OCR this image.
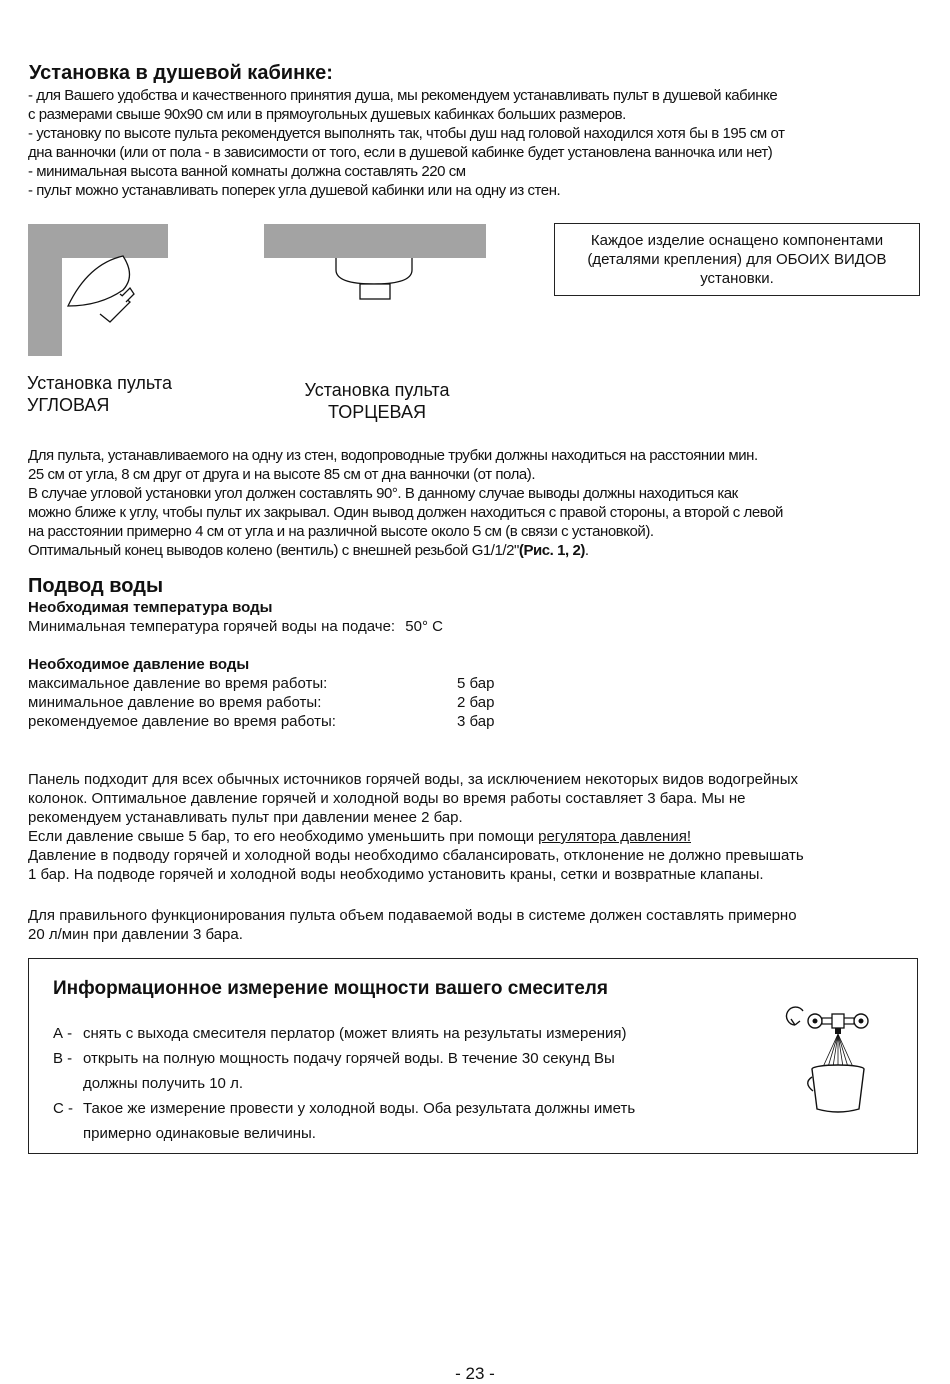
Установка в душевой кабинке:
- для Вашего удобства и качественного принятия душа, мы рекомендуем устанавливать пульт в душевой кабинке
с размерами свыше 90х90 см или в прямоугольных душевых кабинках больших размеров.
- установку по высоте пульта рекомендуется выполнять так, чтобы душ над головой находился хотя бы в 195 см от
дна ванночки (или от пола - в зависимости от того, если в душевой кабинке будет установлена ванночка или нет)
- минимальная высота ванной комнаты должна составлять 220 см
- пульт можно устанавливать поперек угла душевой кабинки или на одну из стен.
Установка пульта
УГЛОВАЯ
Установка пульта
ТОРЦЕВАЯ
Каждое изделие оснащено компонентами
(деталями крепления) для ОБОИХ ВИДОВ
установки.
Для пульта, устанавливаемого на одну из стен, водопроводные трубки должны находиться на расстоянии мин.
25 см от угла, 8 см друг от друга и на высоте 85 см от дна ванночки (от пола).
В случае угловой установки угол должен составлять 90°. В данному случае выводы должны находиться как
можно ближе к углу, чтобы пульт их закрывал. Один вывод должен находиться с правой стороны, а второй с левой
на расстоянии примерно 4 см от угла и на различной высоте около 5 см (в связи с установкой).
Оптимальный конец выводов колено (вентиль) с внешней резьбой G1/1/2"(Рис. 1, 2).
Подвод воды
Необходимая температура воды
Минимальная температура горячей воды на подаче: 50° C
Необходимое давление воды
максимальное давление во время работы:	5 бар
минимальное давление во время работы:	2 бар
рекомендуемое давление во время работы:	3 бар
Панель подходит для всех обычных источников горячей воды, за исключением некоторых видов водогрейных
колонок. Оптимальное давление горячей и холодной воды во время работы составляет 3 бара. Мы не
рекомендуем устанавливать пульт при давлении менее 2 бар.
Если давление свыше 5 бар, то его необходимо уменьшить при помощи регулятора давления!
Давление в подводу горячей и холодной воды необходимо сбалансировать, отклонение не должно превышать
1 бар. На подводе горячей и холодной воды необходимо установить краны, сетки и возвратные клапаны.
Для правильного функционирования пульта объем подаваемой воды в системе должен составлять примерно
20 л/мин при давлении 3 бара.
Информационное измерение мощности вашего смесителя
А - снять с выхода смесителя перлатор (может влиять на результаты измерения)
В - открыть на полную мощность подачу горячей воды. В течение 30 секунд Вы
должны получить 10 л.
С - Такое же измерение провести у холодной воды. Оба результата должны иметь
примерно одинаковые величины.
- 23 -
